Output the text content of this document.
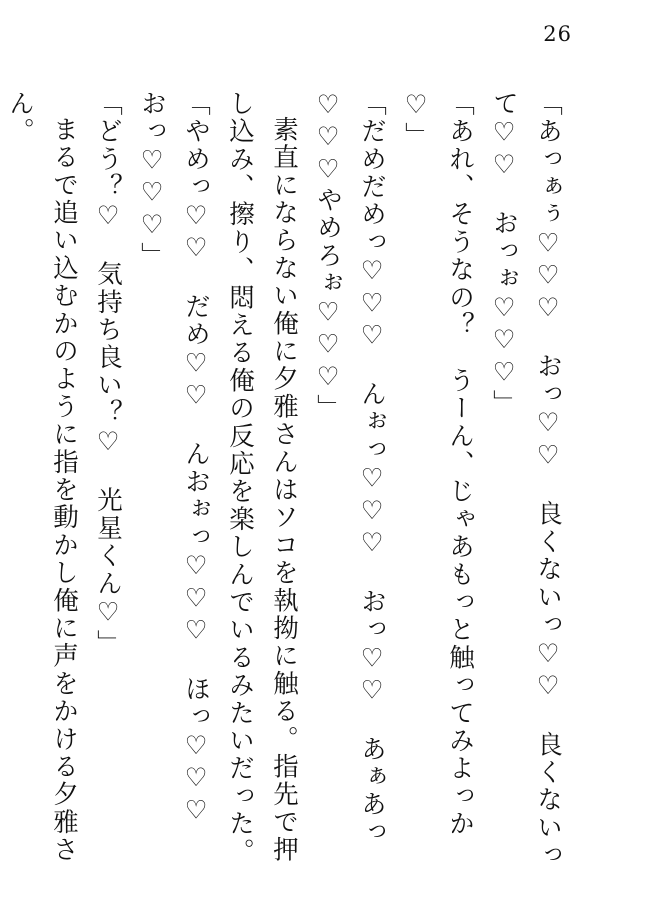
26

「あっぁぅ♡♡♡　おっ♡♡　良くないっ♡♡　良くないって♡♡　おっぉ♡♡♡」

「あれ、そうなの？　うーん、じゃあもっと触ってみよっか♡」

「だめだめっ♡♡♡　んぉっ♡♡♡　おっ♡♡　あぁあっ♡♡♡やめろぉ♡♡♡」

素直にならない俺に夕雅さんはソコを執拗に触る。指先で押し込み、擦り、悶える俺の反応を楽しんでいるみたいだった。

「やめっ♡♡　だめ♡♡　んおぉっ♡♡♡　ほっ♡♡♡　おっ♡♡♡」

「どう？♡　気持ち良い？♡　光星くん♡」

まるで追い込むかのように指を動かし俺に声をかける夕雅さん。
